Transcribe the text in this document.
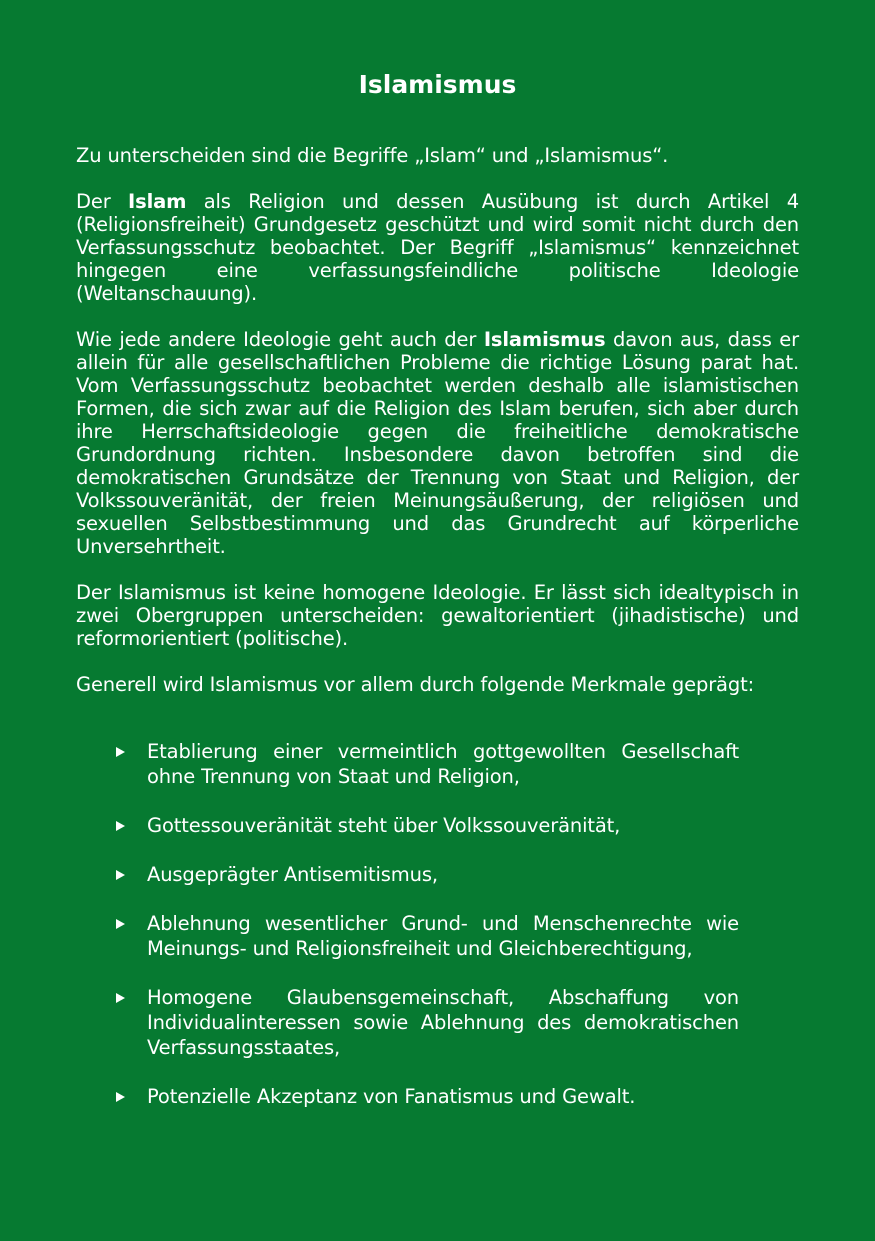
Islamismus

Zu unterscheiden sind die Begriffe „Islam“ und „Islamismus“.

Der Islam als Religion und dessen Ausübung ist durch Artikel 4 (Religionsfreiheit) Grundgesetz geschützt und wird somit nicht durch den Verfassungsschutz beobachtet. Der Begriff „Islamismus“ kennzeichnet hingegen eine verfassungsfeindliche politische Ideologie (Weltanschauung).

Wie jede andere Ideologie geht auch der Islamismus davon aus, dass er allein für alle gesellschaftlichen Probleme die richtige Lösung parat hat. Vom Verfassungsschutz beobachtet werden deshalb alle islamistischen Formen, die sich zwar auf die Religion des Islam berufen, sich aber durch ihre Herrschaftsideologie gegen die freiheitliche demokratische Grundordnung richten. Insbesondere davon betroffen sind die demokratischen Grundsätze der Trennung von Staat und Religion, der Volkssouveränität, der freien Meinungsäußerung, der religiösen und sexuellen Selbstbestimmung und das Grundrecht auf körperliche Unversehrtheit.

Der Islamismus ist keine homogene Ideologie. Er lässt sich idealtypisch in zwei Obergruppen unterscheiden: gewaltorientiert (jihadistische) und reformorientiert (politische).

Generell wird Islamismus vor allem durch folgende Merkmale geprägt:

Etablierung einer vermeintlich gottgewollten Gesellschaft ohne Trennung von Staat und Religion,
Gottessouveränität steht über Volkssouveränität,
Ausgeprägter Antisemitismus,
Ablehnung wesentlicher Grund- und Menschenrechte wie Meinungs- und Religionsfreiheit und Gleichberechtigung,
Homogene Glaubensgemeinschaft, Abschaffung von Individualinteressen sowie Ablehnung des demokratischen Verfassungsstaates,
Potenzielle Akzeptanz von Fanatismus und Gewalt.
